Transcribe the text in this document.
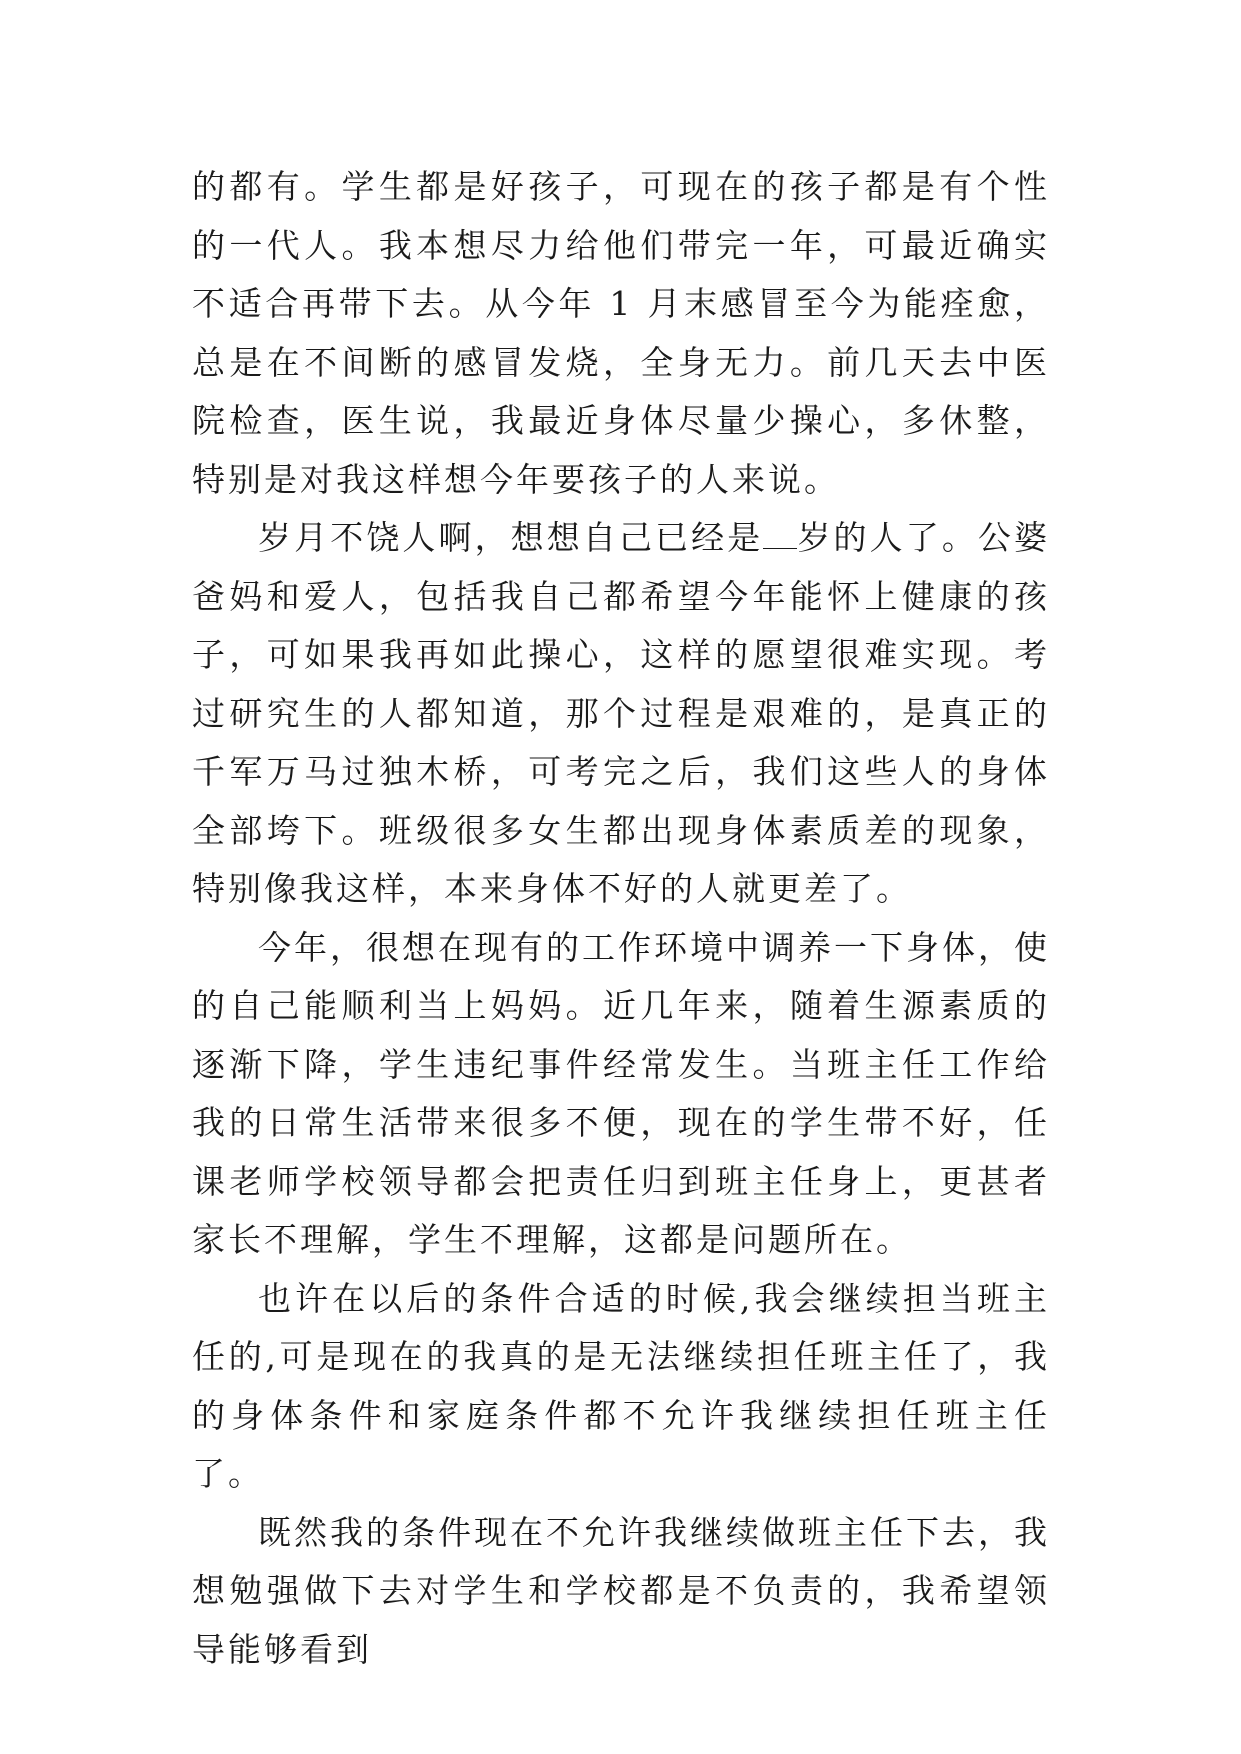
的都有。学生都是好孩子，可现在的孩子都是有个性的一代人。我本想尽力给他们带完一年，可最近确实不适合再带下去。从今年 1 月末感冒至今为能痊愈，总是在不间断的感冒发烧，全身无力。前几天去中医院检查，医生说，我最近身体尽量少操心，多休整，特别是对我这样想今年要孩子的人来说。

岁月不饶人啊，想想自己已经是 岁的人了。公婆爸妈和爱人，包括我自己都希望今年能怀上健康的孩子，可如果我再如此操心，这样的愿望很难实现。考过研究生的人都知道，那个过程是艰难的，是真正的千军万马过独木桥，可考完之后，我们这些人的身体全部垮下。班级很多女生都出现身体素质差的现象，特别像我这样，本来身体不好的人就更差了。

今年，很想在现有的工作环境中调养一下身体，使的自己能顺利当上妈妈。近几年来，随着生源素质的逐渐下降，学生违纪事件经常发生。当班主任工作给我的日常生活带来很多不便，现在的学生带不好，任课老师学校领导都会把责任归到班主任身上，更甚者家长不理解，学生不理解，这都是问题所在。

也许在以后的条件合适的时候,我会继续担当班主任的,可是现在的我真的是无法继续担任班主任了，我的身体条件和家庭条件都不允许我继续担任班主任了。

既然我的条件现在不允许我继续做班主任下去，我想勉强做下去对学生和学校都是不负责的，我希望领导能够看到
